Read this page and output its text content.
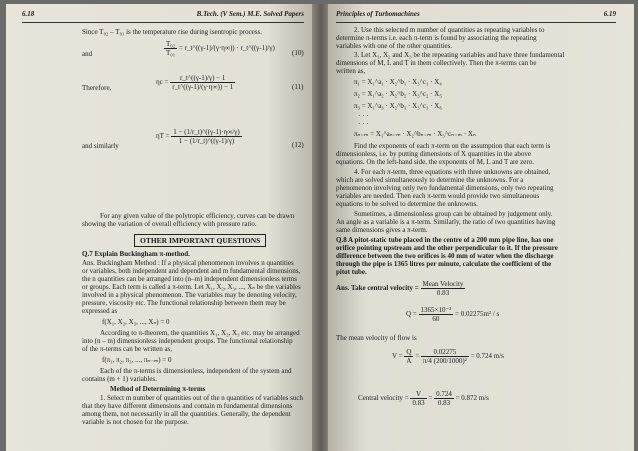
6.18	B.Tech. (V Sem.) M.E. Solved Papers
Since T₀₂ – T₀₁ is the temperature rise during isentropic process.
and	$\frac{\text{T₀₂}}{\text{T₀₁}}$ = r_t^((γ-1)/(γ·η∞)) · r_t^((γ-1)/γ)
(10)
Therefore,
$\eta c = \frac{r\_t\^{}((\gamma-1)/\gamma) - 1}{r\_t\^{}((\gamma-1)/(\gamma\cdot\eta\infty)) - 1}$	(11)
and similarly
$\eta T = \frac{1 - (1/r\_t)\^{}((\gamma-1)\cdot\eta\infty/\gamma)}{1 - (1/r\_t)\^{}((\gamma-1)/\gamma)}$	(12)
For any given value of the polytropic efficiency, curves can be drawn
showing the variation of overall efficiency with pressure ratio.
OTHER IMPORTANT QUESTIONS
Q.7 Explain Buckingham π-method.
Ans. Buckingham Method : If a physical phenomenon involves n quantities
or variables, both independent and dependent and m fundamental dimensions,
the n quantities can be arranged into (n–m) independent dimensionless terms
or groups. Each term is called a π-term. Let X₁, X₂, X₃, ..., Xₙ be the variables
involved in a physical phenomenon. The variables may be denoting velocity,
pressure, viscosity etc. The functional relationship between them may be
expressed as
f(X₁, X₂, X₃, ..., Xₙ) = 0
According to π-theorem, the quantities X₁, X₂, X₃ etc. may be arranged
into (n – m) dimensionless independent groups. The functional relationship
of the π-terms can be written as,
f(π₁, π₂, π₃, ..., πₙ₋ₘ) = 0
Each of the π-terms is dimensionless, independent of the system and
contains (m + 1) variables.
Method of Determining π-terms
1. Select m number of quantities out of the n quantities of variables such
that they have different dimensions and contain m fundamental dimensions
among them, not necessarily in all the quantities. Generally, the dependent
variable is not chosen for the purpose.
Principles of Turbomachines	6.19
2. Use this selected m number of quantities as repeating variables to
determine π-terms i.e. each π-term is found by associating the repeating
variables with one of the other quantities.
3. Let X₁, X₂ and X₃ be the repeating variables and have three fundamental
dimensions of M, L and T in them collectively. Then the π-terms can be
written as,
π₁ = X₁^a₁ · X₂^b₁ · X₃^c₁ · X₄
π₂ = X₁^a₂ · X₂^b₂ · X₃^c₂ · X₅
π₃ = X₁^a₃ · X₂^b₃ · X₃^c₃ · X₆
· · ·
· · ·
πₙ₋ₘ = X₁^aₙ₋ₘ · X₂^bₙ₋ₘ · X₃^cₙ₋ₘ · Xₙ
Find the exponents of each π-term on the assumption that each term is
dimensionless, i.e. by putting dimensions of X quantities in the above
equations. On the left-hand side, the exponents of M, L and T are zero.
4. For each π-term, three equations with three unknowns are obtained,
which are solved simultaneously to determine the unknowns. For a
phenomenon involving only two fundamental dimensions, only two repeating
variables are needed. Then each π-term would provide two simultaneous
equations to be solved to determine the unknowns.
Sometimes, a dimensionless group can be obtained by judgement only.
An angle as a variable is a π-term. Similarly, the ratio of two quantities having
same dimensions gives a π-term.
Q.8 A pitot-static tube placed in the centre of a 200 mm pipe line, has one
orifice pointing upstream and the other perpendicular to it. If the pressure
difference between the two orifices is 40 mm of water when the discharge
through the pipe is 1365 litres per minute, calculate the coefficient of the
pitot tube.
Ans. Take central velocity = $\frac{\text{Mean Velocity}}{0.83}$
$Q = \frac{\text{1365×10⁻³}}{60} = 0.02275m^3 / s$
The mean velocity of flow is
$V = \frac{Q}{A} = \frac{0.02275}{\text{π/4 (200/1000)²}} = 0.724$ m/s
Central velocity = $\frac{V}{0.83} = \frac{0.724}{0.83} = 0.872$ m/s
